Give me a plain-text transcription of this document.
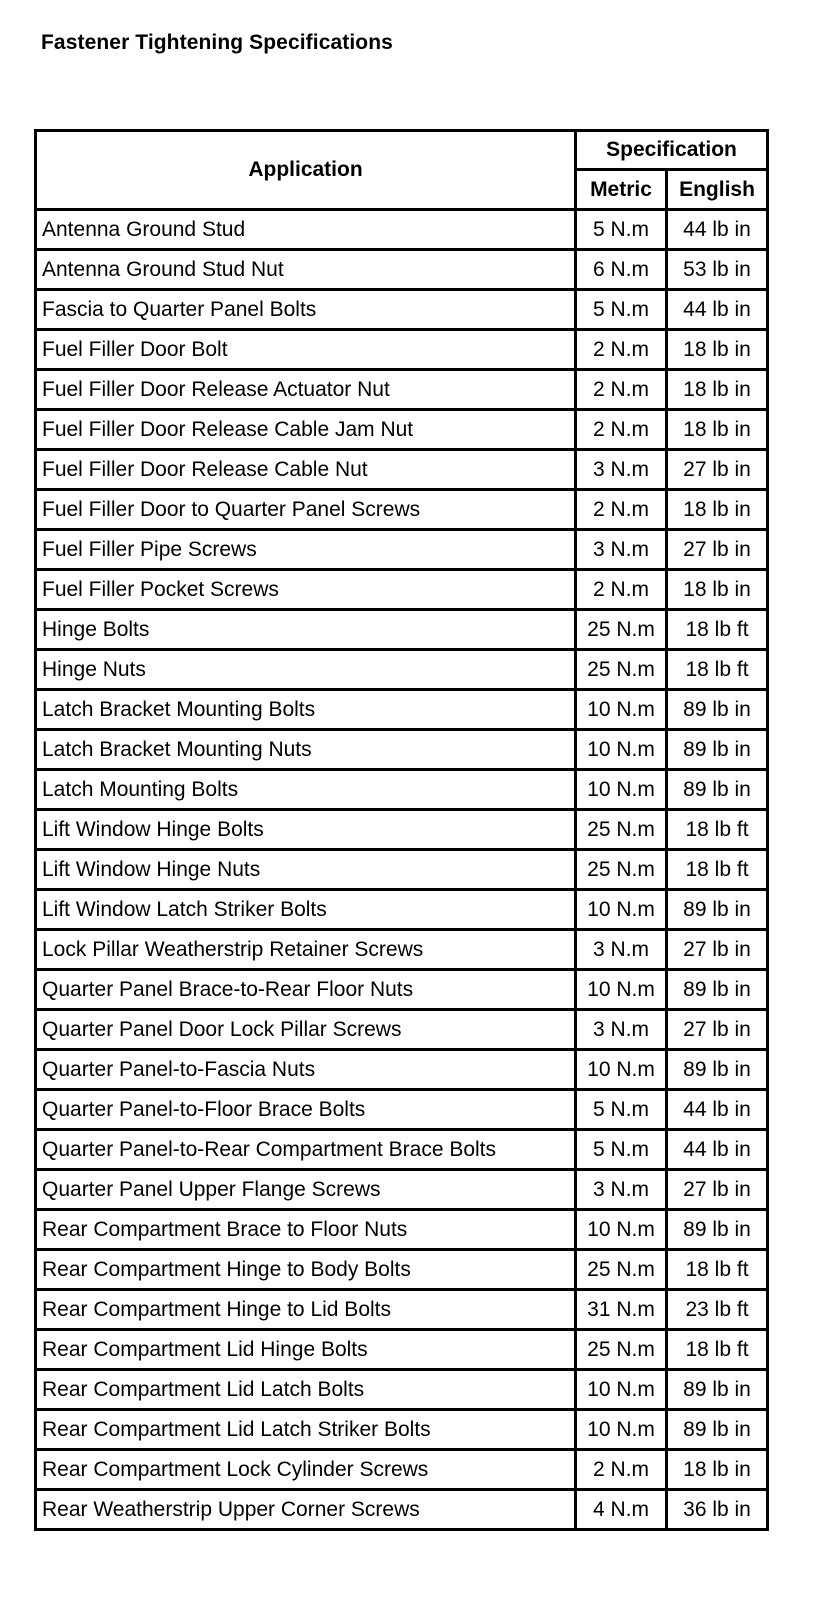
Fastener Tightening Specifications
Application	Specification	
	Metric	English
Antenna Ground Stud	5 N.m	44 lb in
Antenna Ground Stud Nut	6 N.m	53 lb in
Fascia to Quarter Panel Bolts	5 N.m	44 lb in
Fuel Filler Door Bolt	2 N.m	18 lb in
Fuel Filler Door Release Actuator Nut	2 N.m	18 lb in
Fuel Filler Door Release Cable Jam Nut	2 N.m	18 lb in
Fuel Filler Door Release Cable Nut	3 N.m	27 lb in
Fuel Filler Door to Quarter Panel Screws	2 N.m	18 lb in
Fuel Filler Pipe Screws	3 N.m	27 lb in
Fuel Filler Pocket Screws	2 N.m	18 lb in
Hinge Bolts	25 N.m	18 lb ft
Hinge Nuts	25 N.m	18 lb ft
Latch Bracket Mounting Bolts	10 N.m	89 lb in
Latch Bracket Mounting Nuts	10 N.m	89 lb in
Latch Mounting Bolts	10 N.m	89 lb in
Lift Window Hinge Bolts	25 N.m	18 lb ft
Lift Window Hinge Nuts	25 N.m	18 lb ft
Lift Window Latch Striker Bolts	10 N.m	89 lb in
Lock Pillar Weatherstrip Retainer Screws	3 N.m	27 lb in
Quarter Panel Brace-to-Rear Floor Nuts	10 N.m	89 lb in
Quarter Panel Door Lock Pillar Screws	3 N.m	27 lb in
Quarter Panel-to-Fascia Nuts	10 N.m	89 lb in
Quarter Panel-to-Floor Brace Bolts	5 N.m	44 lb in
Quarter Panel-to-Rear Compartment Brace Bolts	5 N.m	44 lb in
Quarter Panel Upper Flange Screws	3 N.m	27 lb in
Rear Compartment Brace to Floor Nuts	10 N.m	89 lb in
Rear Compartment Hinge to Body Bolts	25 N.m	18 lb ft
Rear Compartment Hinge to Lid Bolts	31 N.m	23 lb ft
Rear Compartment Lid Hinge Bolts	25 N.m	18 lb ft
Rear Compartment Lid Latch Bolts	10 N.m	89 lb in
Rear Compartment Lid Latch Striker Bolts	10 N.m	89 lb in
Rear Compartment Lock Cylinder Screws	2 N.m	18 lb in
Rear Weatherstrip Upper Corner Screws	4 N.m	36 lb in
